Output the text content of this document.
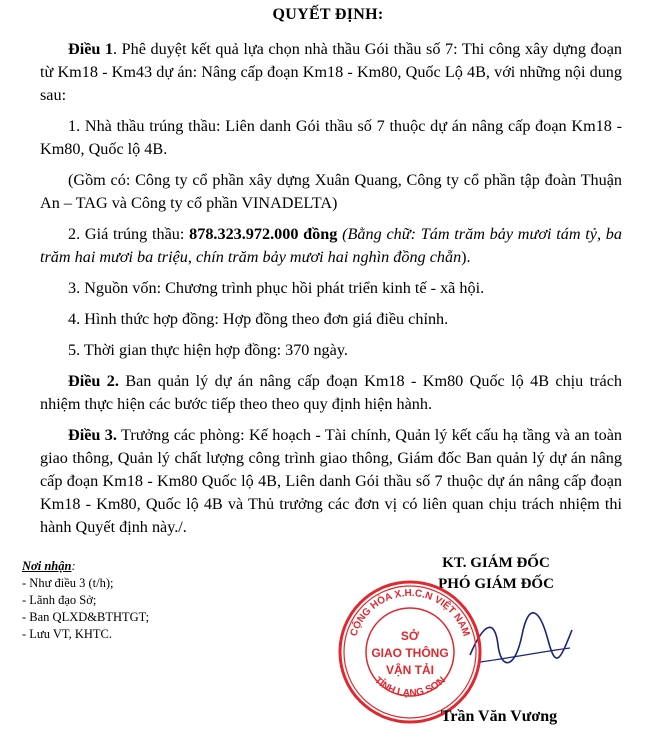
QUYẾT ĐỊNH:

Điều 1. Phê duyệt kết quả lựa chọn nhà thầu Gói thầu số 7: Thi công xây dựng đoạn từ Km18 - Km43 dự án: Nâng cấp đoạn Km18 - Km80, Quốc Lộ 4B, với những nội dung sau:

1. Nhà thầu trúng thầu: Liên danh Gói thầu số 7 thuộc dự án nâng cấp đoạn Km18 - Km80, Quốc lộ 4B.

(Gồm có: Công ty cổ phần xây dựng Xuân Quang, Công ty cổ phần tập đoàn Thuận An – TAG và Công ty cổ phần VINADELTA)

2. Giá trúng thầu: 878.323.972.000 đồng (Bằng chữ: Tám trăm bảy mươi tám tỷ, ba trăm hai mươi ba triệu, chín trăm bảy mươi hai nghìn đồng chẵn).

3. Nguồn vốn: Chương trình phục hồi phát triển kinh tế - xã hội.

4. Hình thức hợp đồng: Hợp đồng theo đơn giá điều chỉnh.

5. Thời gian thực hiện hợp đồng: 370 ngày.

Điều 2. Ban quản lý dự án nâng cấp đoạn Km18 - Km80 Quốc lộ 4B chịu trách nhiệm thực hiện các bước tiếp theo theo quy định hiện hành.

Điều 3. Trưởng các phòng: Kế hoạch - Tài chính, Quản lý kết cấu hạ tầng và an toàn giao thông, Quản lý chất lượng công trình giao thông, Giám đốc Ban quản lý dự án nâng cấp đoạn Km18 - Km80 Quốc lộ 4B, Liên danh Gói thầu số 7 thuộc dự án nâng cấp đoạn Km18 - Km80, Quốc lộ 4B và Thủ trưởng các đơn vị có liên quan chịu trách nhiệm thi hành Quyết định này./.

Nơi nhận:
- Như điều 3 (t/h);
- Lãnh đạo Sở;
- Ban QLXD&BTHTGT;
- Lưu VT, KHTC.
KT. GIÁM ĐỐC
PHÓ GIÁM ĐỐC
CỘNG HÒA X.H.C.N VIỆT NAM
TỈNH LẠNG SƠN
SỞ
GIAO THÔNG
VẬN TẢI
Trần Văn Vương
